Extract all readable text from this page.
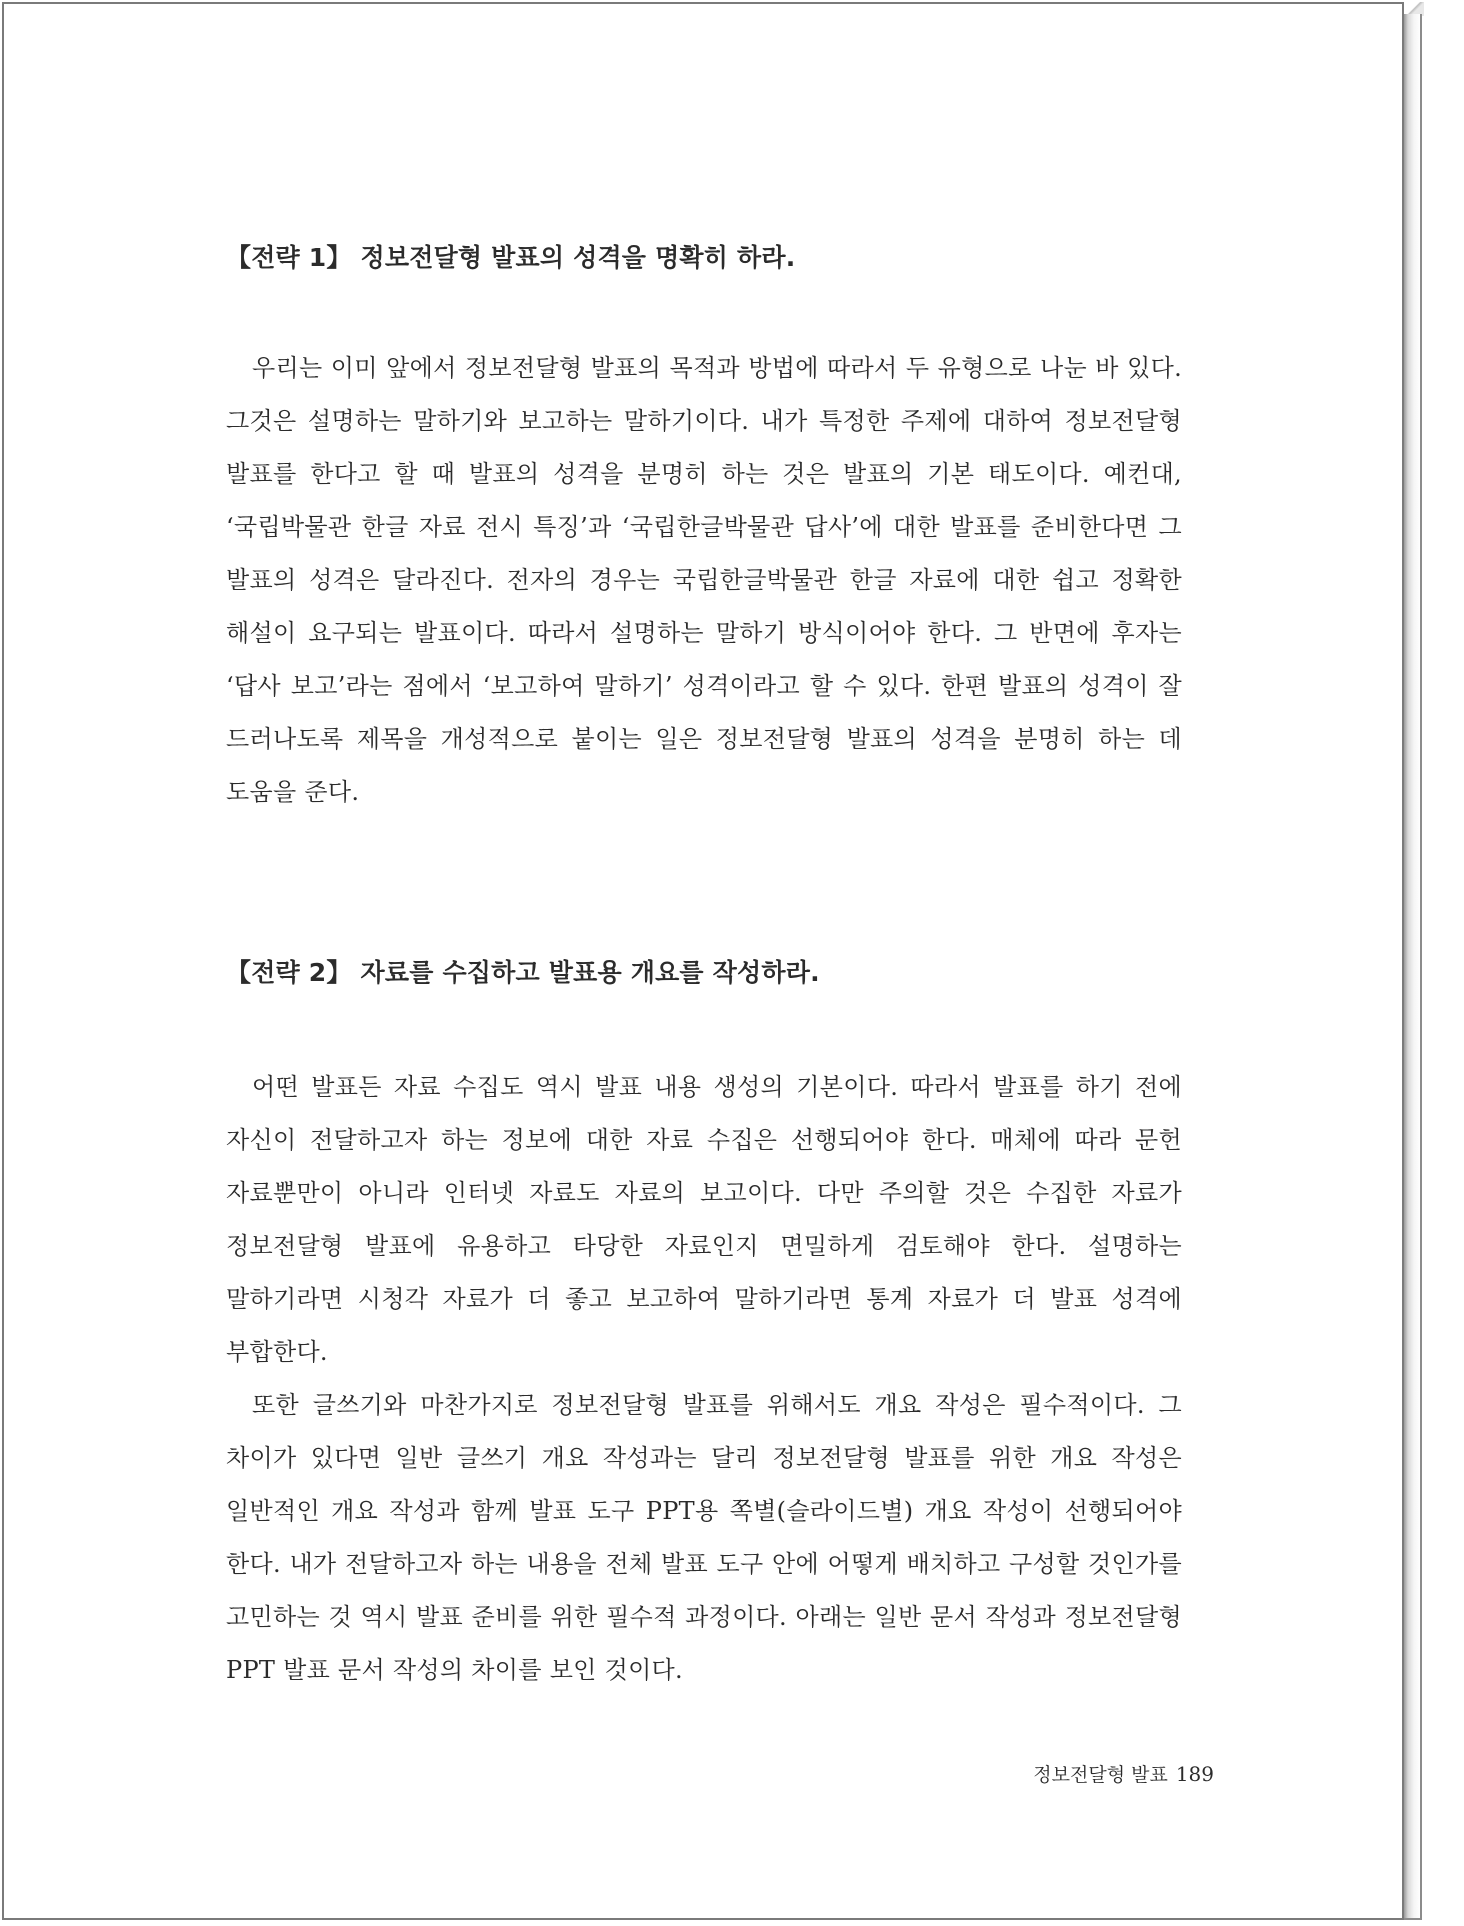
【전략 1】 정보전달형 발표의 성격을 명확히 하라.

우리는 이미 앞에서 정보전달형 발표의 목적과 방법에 따라서 두 유형으로 나눈 바 있다. 그것은 설명하는 말하기와 보고하는 말하기이다. 내가 특정한 주제에 대하여 정보전달형 발표를 한다고 할 때 발표의 성격을 분명히 하는 것은 발표의 기본 태도이다. 예컨대, ‘국립박물관 한글 자료 전시 특징’과 ‘국립한글박물관 답사’에 대한 발표를 준비한다면 그 발표의 성격은 달라진다. 전자의 경우는 국립한글박물관 한글 자료에 대한 쉽고 정확한 해설이 요구되는 발표이다. 따라서 설명하는 말하기 방식이어야 한다. 그 반면에 후자는 ‘답사 보고’라는 점에서 ‘보고하여 말하기’ 성격이라고 할 수 있다. 한편 발표의 성격이 잘 드러나도록 제목을 개성적으로 붙이는 일은 정보전달형 발표의 성격을 분명히 하는 데 도움을 준다.

【전략 2】 자료를 수집하고 발표용 개요를 작성하라.

어떤 발표든 자료 수집도 역시 발표 내용 생성의 기본이다. 따라서 발표를 하기 전에 자신이 전달하고자 하는 정보에 대한 자료 수집은 선행되어야 한다. 매체에 따라 문헌 자료뿐만이 아니라 인터넷 자료도 자료의 보고이다. 다만 주의할 것은 수집한 자료가 정보전달형 발표에 유용하고 타당한 자료인지 면밀하게 검토해야 한다. 설명하는 말하기라면 시청각 자료가 더 좋고 보고하여 말하기라면 통계 자료가 더 발표 성격에 부합한다.

또한 글쓰기와 마찬가지로 정보전달형 발표를 위해서도 개요 작성은 필수적이다. 그 차이가 있다면 일반 글쓰기 개요 작성과는 달리 정보전달형 발표를 위한 개요 작성은 일반적인 개요 작성과 함께 발표 도구 PPT용 쪽별(슬라이드별) 개요 작성이 선행되어야 한다. 내가 전달하고자 하는 내용을 전체 발표 도구 안에 어떻게 배치하고 구성할 것인가를 고민하는 것 역시 발표 준비를 위한 필수적 과정이다. 아래는 일반 문서 작성과 정보전달형 PPT 발표 문서 작성의 차이를 보인 것이다.

정보전달형 발표 189
